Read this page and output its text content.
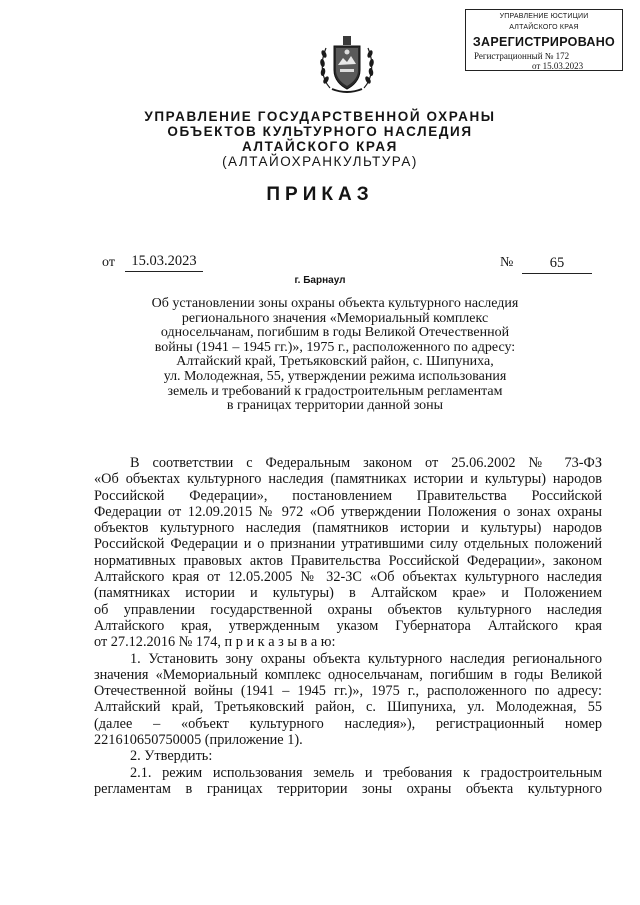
УПРАВЛЕНИЕ ЮСТИЦИИ
АЛТАЙСКОГО КРАЯ
ЗАРЕГИСТРИРОВАНО
Регистрационный № 172
от 15.03.2023
УПРАВЛЕНИЕ ГОСУДАРСТВЕННОЙ ОХРАНЫ
ОБЪЕКТОВ КУЛЬТУРНОГО НАСЛЕДИЯ
АЛТАЙСКОГО КРАЯ
(АЛТАЙОХРАНКУЛЬТУРА)
ПРИКАЗ
от	15.03.2023	№	65
г. Барнаул
Об установлении зоны охраны объекта культурного наследия
регионального значения «Мемориальный комплекс
односельчанам, погибшим в годы Великой Отечественной
войны (1941 – 1945 гг.)», 1975 г., расположенного по адресу:
Алтайский край, Третьяковский район, с. Шипуниха,
ул. Молодежная, 55, утверждении режима использования
земель и требований к градостроительным регламентам
в границах территории данной зоны
В соответствии с Федеральным законом от 25.06.2002 № 73-ФЗ
«Об объектах культурного наследия (памятниках истории и культуры) народов
Российской Федерации», постановлением Правительства Российской
Федерации от 12.09.2015 № 972 «Об утверждении Положения о зонах охраны
объектов культурного наследия (памятников истории и культуры) народов
Российской Федерации и о признании утратившими силу отдельных положений
нормативных правовых актов Правительства Российской Федерации», законом
Алтайского края от 12.05.2005 № 32-ЗС «Об объектах культурного наследия
(памятниках истории и культуры) в Алтайском крае» и Положением
об управлении государственной охраны объектов культурного наследия
Алтайского края, утвержденным указом Губернатора Алтайского края
от 27.12.2016 № 174, п р и к а з ы в а ю:
1. Установить зону охраны объекта культурного наследия регионального
значения «Мемориальный комплекс односельчанам, погибшим в годы Великой
Отечественной войны (1941 – 1945 гг.)», 1975 г., расположенного по адресу:
Алтайский край, Третьяковский район, с. Шипуниха, ул. Молодежная, 55
(далее – «объект культурного наследия»), регистрационный номер
221610650750005 (приложение 1).
2. Утвердить:
2.1. режим использования земель и требования к градостроительным
регламентам в границах территории зоны охраны объекта культурного
